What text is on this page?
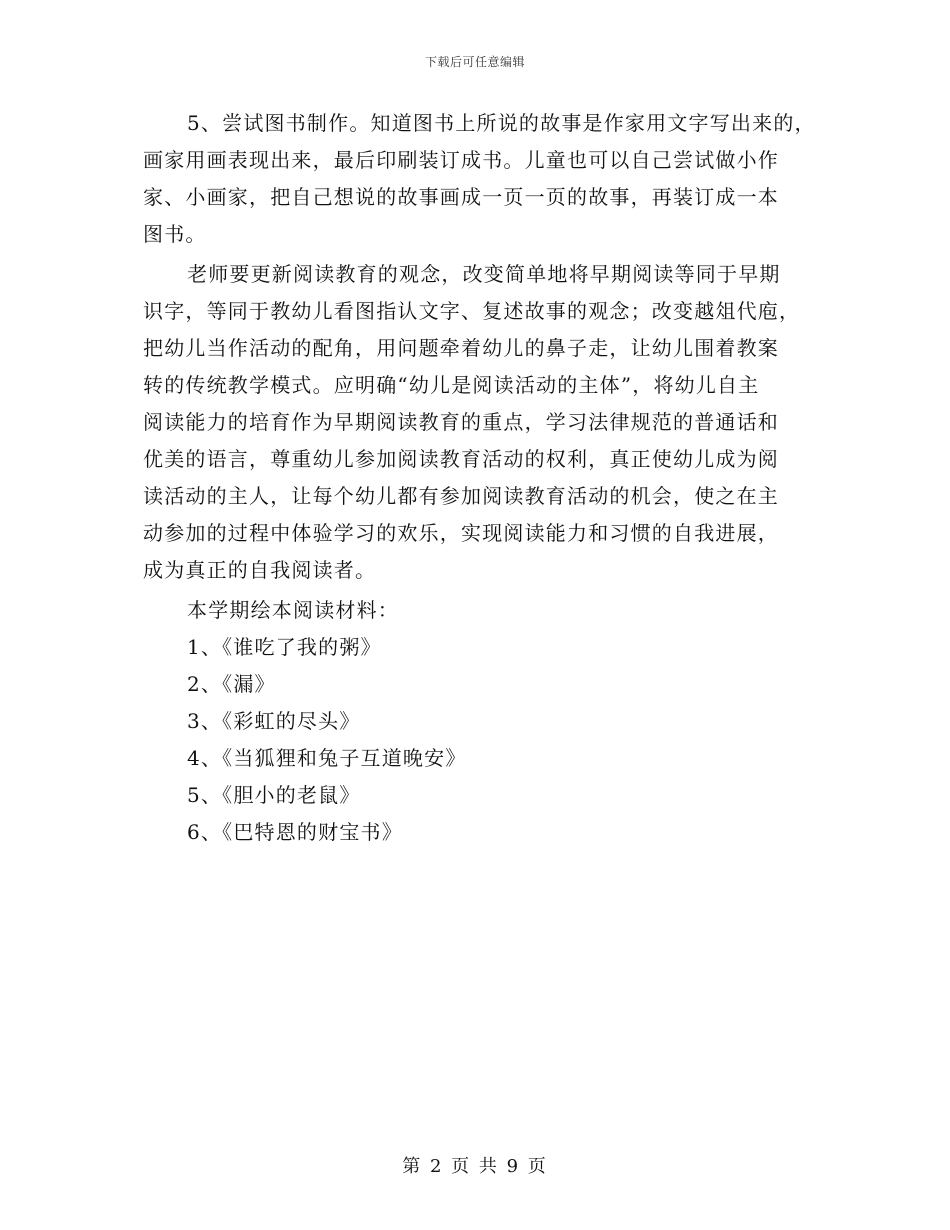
下载后可任意编辑
5、尝试图书制作。知道图书上所说的故事是作家用文字写出来的，
画家用画表现出来，最后印刷装订成书。儿童也可以自己尝试做小作
家、小画家，把自己想说的故事画成一页一页的故事，再装订成一本
图书。
老师要更新阅读教育的观念，改变简单地将早期阅读等同于早期
识字，等同于教幼儿看图指认文字、复述故事的观念；改变越俎代庖，
把幼儿当作活动的配角，用问题牵着幼儿的鼻子走，让幼儿围着教案
转的传统教学模式。应明确“幼儿是阅读活动的主体”，将幼儿自主
阅读能力的培育作为早期阅读教育的重点，学习法律规范的普通话和
优美的语言，尊重幼儿参加阅读教育活动的权利，真正使幼儿成为阅
读活动的主人，让每个幼儿都有参加阅读教育活动的机会，使之在主
动参加的过程中体验学习的欢乐，实现阅读能力和习惯的自我进展，
成为真正的自我阅读者。
本学期绘本阅读材料：
1、《谁吃了我的粥》
2、《漏》
3、《彩虹的尽头》
4、《当狐狸和兔子互道晚安》
5、《胆小的老鼠》
6、《巴特恩的财宝书》
第 2 页 共 9 页
